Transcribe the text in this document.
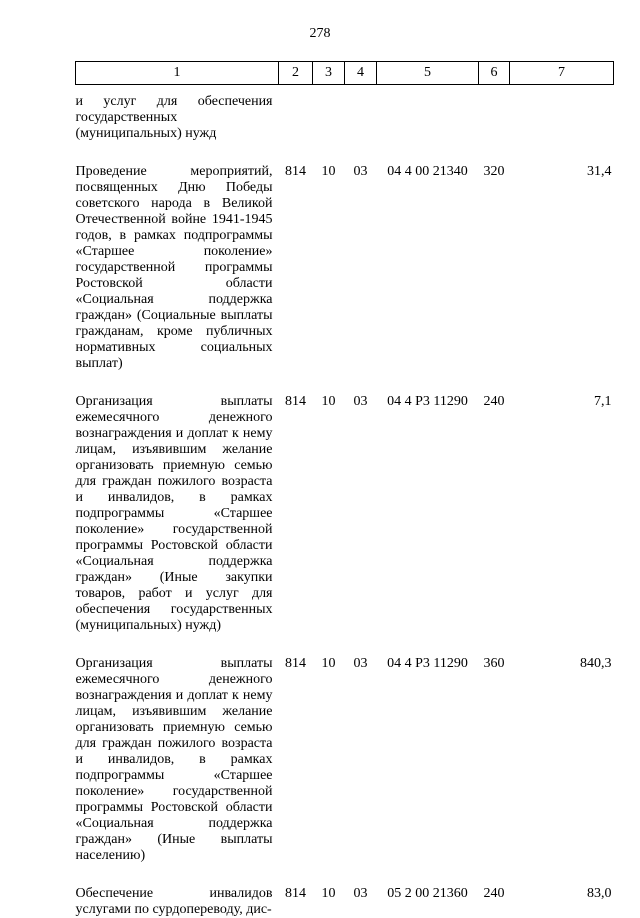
278
1	2	3	4	5	6	7
и услуг для обеспечения государственных (муниципальных) нужд						
Проведение мероприятий, посвященных Дню Победы советского народа в Великой Отечественной войне 1941-1945 годов, в рамках подпрограммы «Старшее поколение» государственной программы Ростовской области «Социальная поддержка граждан» (Социальные выплаты гражданам, кроме публичных нормативных социальных выплат)	814	10	03	04 4 00 21340	320	31,4
Организация выплаты ежемесячного денежного вознаграждения и доплат к нему лицам, изъявившим желание организовать приемную семью для граждан пожилого возраста и инвалидов, в рамках подпрограммы «Старшее поколение» государственной программы Ростовской области «Социальная поддержка граждан» (Иные закупки товаров, работ и услуг для обеспечения государственных (муниципальных) нужд)	814	10	03	04 4 Р3 11290	240	7,1
Организация выплаты ежемесячного денежного вознаграждения и доплат к нему лицам, изъявившим желание организовать приемную семью для граждан пожилого возраста и инвалидов, в рамках подпрограммы «Старшее поколение» государственной программы Ростовской области «Социальная поддержка граждан» (Иные выплаты населению)	814	10	03	04 4 Р3 11290	360	840,3
Обеспечение инвалидов услугами по сурдопереводу, дис-	814	10	03	05 2 00 21360	240	83,0
